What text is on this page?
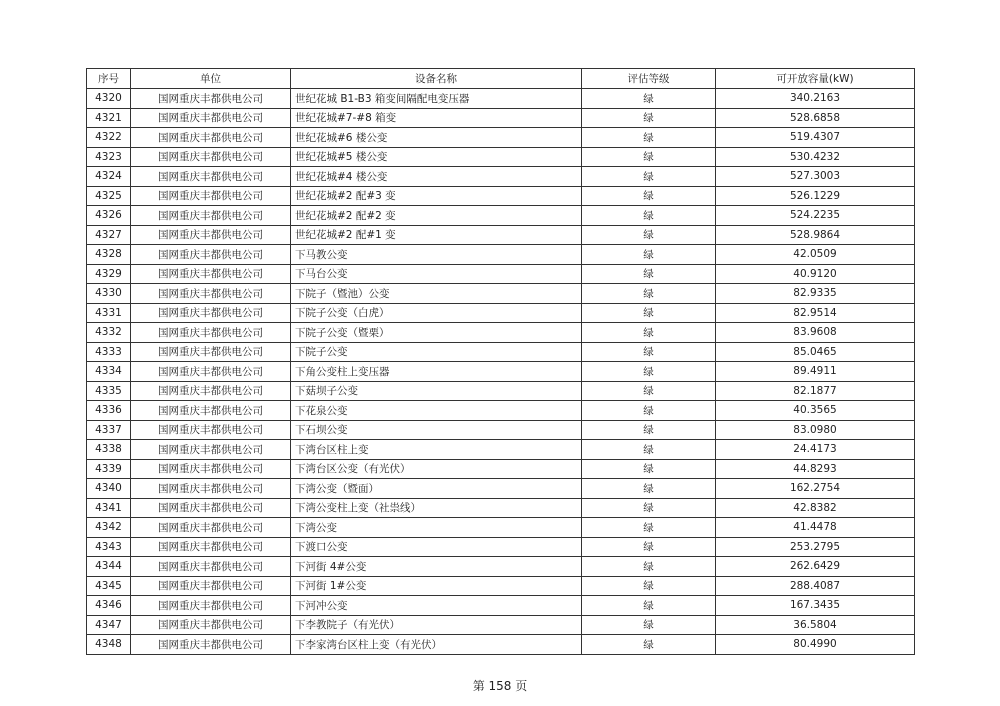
序号	单位	设备名称	评估等级	可开放容量(kW)
4320	国网重庆丰都供电公司	世纪花城 B1-B3 箱变间隔配电变压器	绿	340.2163
4321	国网重庆丰都供电公司	世纪花城#7-#8 箱变	绿	528.6858
4322	国网重庆丰都供电公司	世纪花城#6 楼公变	绿	519.4307
4323	国网重庆丰都供电公司	世纪花城#5 楼公变	绿	530.4232
4324	国网重庆丰都供电公司	世纪花城#4 楼公变	绿	527.3003
4325	国网重庆丰都供电公司	世纪花城#2 配#3 变	绿	526.1229
4326	国网重庆丰都供电公司	世纪花城#2 配#2 变	绿	524.2235
4327	国网重庆丰都供电公司	世纪花城#2 配#1 变	绿	528.9864
4328	国网重庆丰都供电公司	下马教公变	绿	42.0509
4329	国网重庆丰都供电公司	下马台公变	绿	40.9120
4330	国网重庆丰都供电公司	下院子（暨池）公变	绿	82.9335
4331	国网重庆丰都供电公司	下院子公变（白虎）	绿	82.9514
4332	国网重庆丰都供电公司	下院子公变（暨栗）	绿	83.9608
4333	国网重庆丰都供电公司	下院子公变	绿	85.0465
4334	国网重庆丰都供电公司	下角公变柱上变压器	绿	89.4911
4335	国网重庆丰都供电公司	下菇坝子公变	绿	82.1877
4336	国网重庆丰都供电公司	下花泉公变	绿	40.3565
4337	国网重庆丰都供电公司	下石坝公变	绿	83.0980
4338	国网重庆丰都供电公司	下湾台区柱上变	绿	24.4173
4339	国网重庆丰都供电公司	下湾台区公变（有光伏）	绿	44.8293
4340	国网重庆丰都供电公司	下湾公变（暨面）	绿	162.2754
4341	国网重庆丰都供电公司	下湾公变柱上变（社祟线）	绿	42.8382
4342	国网重庆丰都供电公司	下湾公变	绿	41.4478
4343	国网重庆丰都供电公司	下渡口公变	绿	253.2795
4344	国网重庆丰都供电公司	下河街 4#公变	绿	262.6429
4345	国网重庆丰都供电公司	下河街 1#公变	绿	288.4087
4346	国网重庆丰都供电公司	下河冲公变	绿	167.3435
4347	国网重庆丰都供电公司	下李教院子（有光伏）	绿	36.5804
4348	国网重庆丰都供电公司	下李家湾台区柱上变（有光伏）	绿	80.4990
第 158 页
